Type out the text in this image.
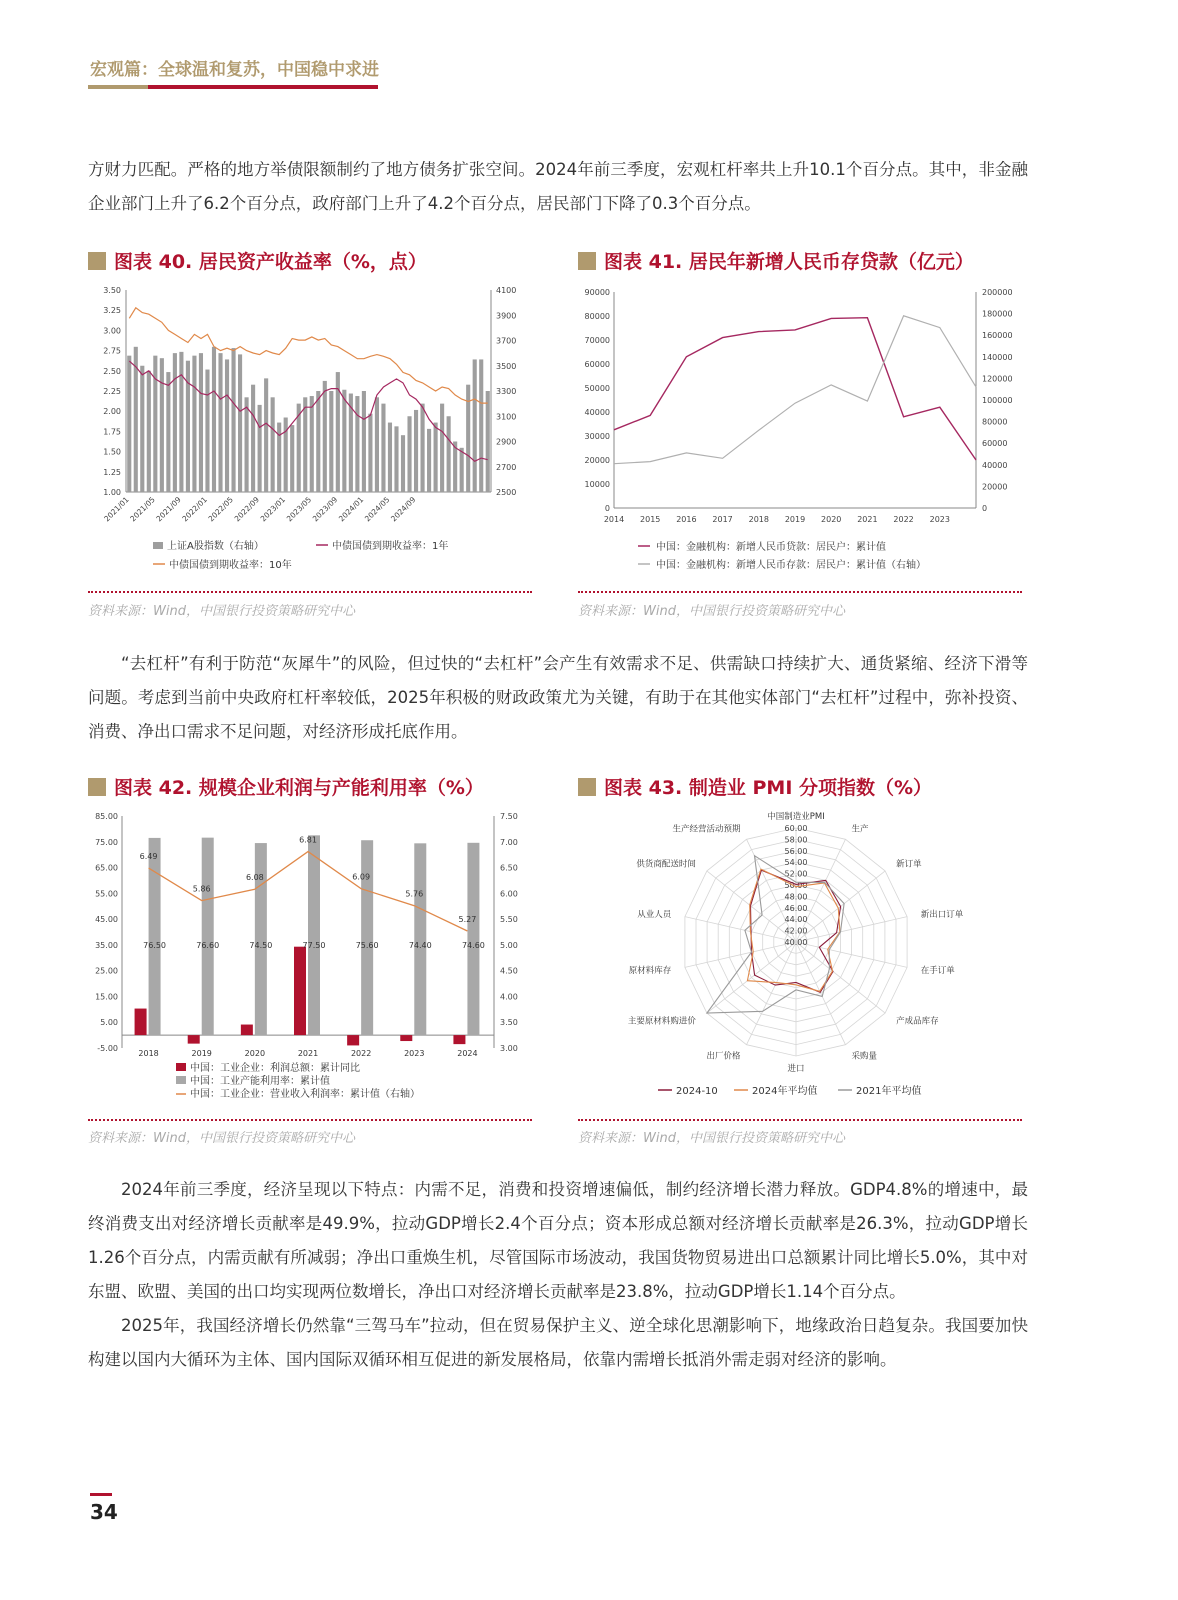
宏观篇：全球温和复苏，中国稳中求进

方财力匹配。严格的地方举债限额制约了地方债务扩张空间。2024年前三季度，宏观杠杆率共上升10.1个百分点。其中，非金融企业部门上升了6.2个百分点，政府部门上升了4.2个百分点，居民部门下降了0.3个百分点。

图表 40. 居民资产收益率（%，点）
3.50
3.25
3.00
2.75
2.50
2.25
2.00
1.75
1.50
1.25
1.00
4100
3900
3700
3500
3300
3100
2900
2700
2500
2021/01
2021/05
2021/09
2022/01
2022/05
2022/09
2023/01
2023/05
2023/09
2024/01
2024/05
2024/09
上证A股指数（右轴）	中债国债到期收益率：1年
中债国债到期收益率：10年
资料来源：Wind，中国银行投资策略研究中心
图表 41. 居民年新增人民币存贷款（亿元）
90000
80000
70000
60000
50000
40000
30000
20000
10000
0
200000
180000
160000
140000
120000
100000
80000
60000
40000
20000
0
2014 2015 2016 2017 2018 2019 2020 2021 2022 2023
中国：金融机构：新增人民币贷款：居民户：累计值
中国：金融机构：新增人民币存款：居民户：累计值（右轴）
资料来源：Wind，中国银行投资策略研究中心

“去杠杆”有利于防范“灰犀牛”的风险，但过快的“去杠杆”会产生有效需求不足、供需缺口持续扩大、通货紧缩、经济下滑等问题。考虑到当前中央政府杠杆率较低，2025年积极的财政政策尤为关键，有助于在其他实体部门“去杠杆”过程中，弥补投资、消费、净出口需求不足问题，对经济形成托底作用。

图表 42. 规模企业利润与产能利用率（%）
85.00
75.00
65.00
55.00
45.00
35.00
25.00
15.00
5.00
-5.00
7.50
7.00
6.50
6.00
5.50
5.00
4.50
4.00
3.50
3.00
76.50
6.49
2018
76.60
5.86
2019
74.50
6.08
2020
77.50
6.81
2021
75.60
6.09
2022
74.40
5.76
2023
74.60
5.27
2024
中国：工业企业：利润总额：累计同比
中国：工业产能利用率：累计值
中国：工业企业：营业收入利润率：累计值（右轴）
资料来源：Wind，中国银行投资策略研究中心
图表 43. 制造业 PMI 分项指数（%）
中国制造业PMI
生产
新订单
新出口订单
在手订单
产成品库存
采购量
进口
出厂价格
主要原材料购进价
原材料库存
从业人员
供货商配送时间
生产经营活动预期	60.00
58.00
56.00
54.00
52.00
50.00
48.00
46.00
44.00
42.00
40.00
2024-10	2024年平均值	2021年平均值
资料来源：Wind，中国银行投资策略研究中心

2024年前三季度，经济呈现以下特点：内需不足，消费和投资增速偏低，制约经济增长潜力释放。GDP4.8%的增速中，最终消费支出对经济增长贡献率是49.9%，拉动GDP增长2.4个百分点；资本形成总额对经济增长贡献率是26.3%，拉动GDP增长1.26个百分点，内需贡献有所减弱；净出口重焕生机，尽管国际市场波动，我国货物贸易进出口总额累计同比增长5.0%，其中对东盟、欧盟、美国的出口均实现两位数增长，净出口对经济增长贡献率是23.8%，拉动GDP增长1.14个百分点。

2025年，我国经济增长仍然靠“三驾马车”拉动，但在贸易保护主义、逆全球化思潮影响下，地缘政治日趋复杂。我国要加快构建以国内大循环为主体、国内国际双循环相互促进的新发展格局，依靠内需增长抵消外需走弱对经济的影响。

34
